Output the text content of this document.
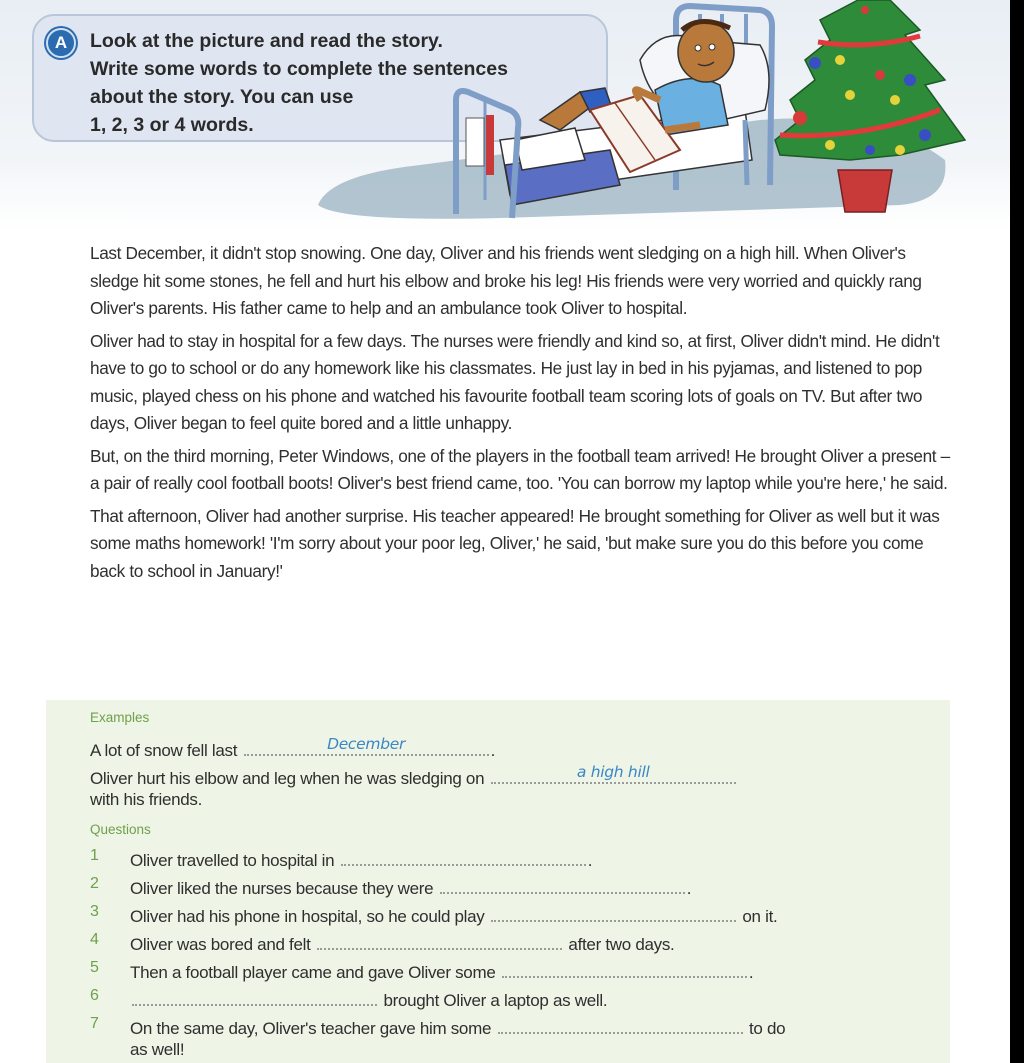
A	Look at the picture and read the story.
Write some words to complete the sentences
about the story. You can use
1, 2, 3 or 4 words.

Last December, it didn't stop snowing. One day, Oliver and his friends went sledging on a high hill. When Oliver's sledge hit some stones, he fell and hurt his elbow and broke his leg! His friends were very worried and quickly rang Oliver's parents. His father came to help and an ambulance took Oliver to hospital.

Oliver had to stay in hospital for a few days. The nurses were friendly and kind so, at first, Oliver didn't mind. He didn't have to go to school or do any homework like his classmates. He just lay in bed in his pyjamas, and listened to pop music, played chess on his phone and watched his favourite football team scoring lots of goals on TV. But after two days, Oliver began to feel quite bored and a little unhappy.

But, on the third morning, Peter Windows, one of the players in the football team arrived! He brought Oliver a present – a pair of really cool football boots! Oliver's best friend came, too. 'You can borrow my laptop while you're here,' he said.

That afternoon, Oliver had another surprise. His teacher appeared! He brought something for Oliver as well but it was some maths homework! 'I'm sorry about your poor leg, Oliver,' he said, 'but make sure you do this before you come back to school in January!'

Examples
A lot of snow fell last	December	.
Oliver hurt his elbow and leg when he was sledging on	a high hill
with his friends.
Questions
1 Oliver travelled to hospital in	.
2 Oliver liked the nurses because they were	.
3 Oliver had his phone in hospital, so he could play	on it.
4 Oliver was bored and felt	after two days.
5 Then a football player came and gave Oliver some	.
6	brought Oliver a laptop as well.
7 On the same day, Oliver's teacher gave him some	to do
as well!
